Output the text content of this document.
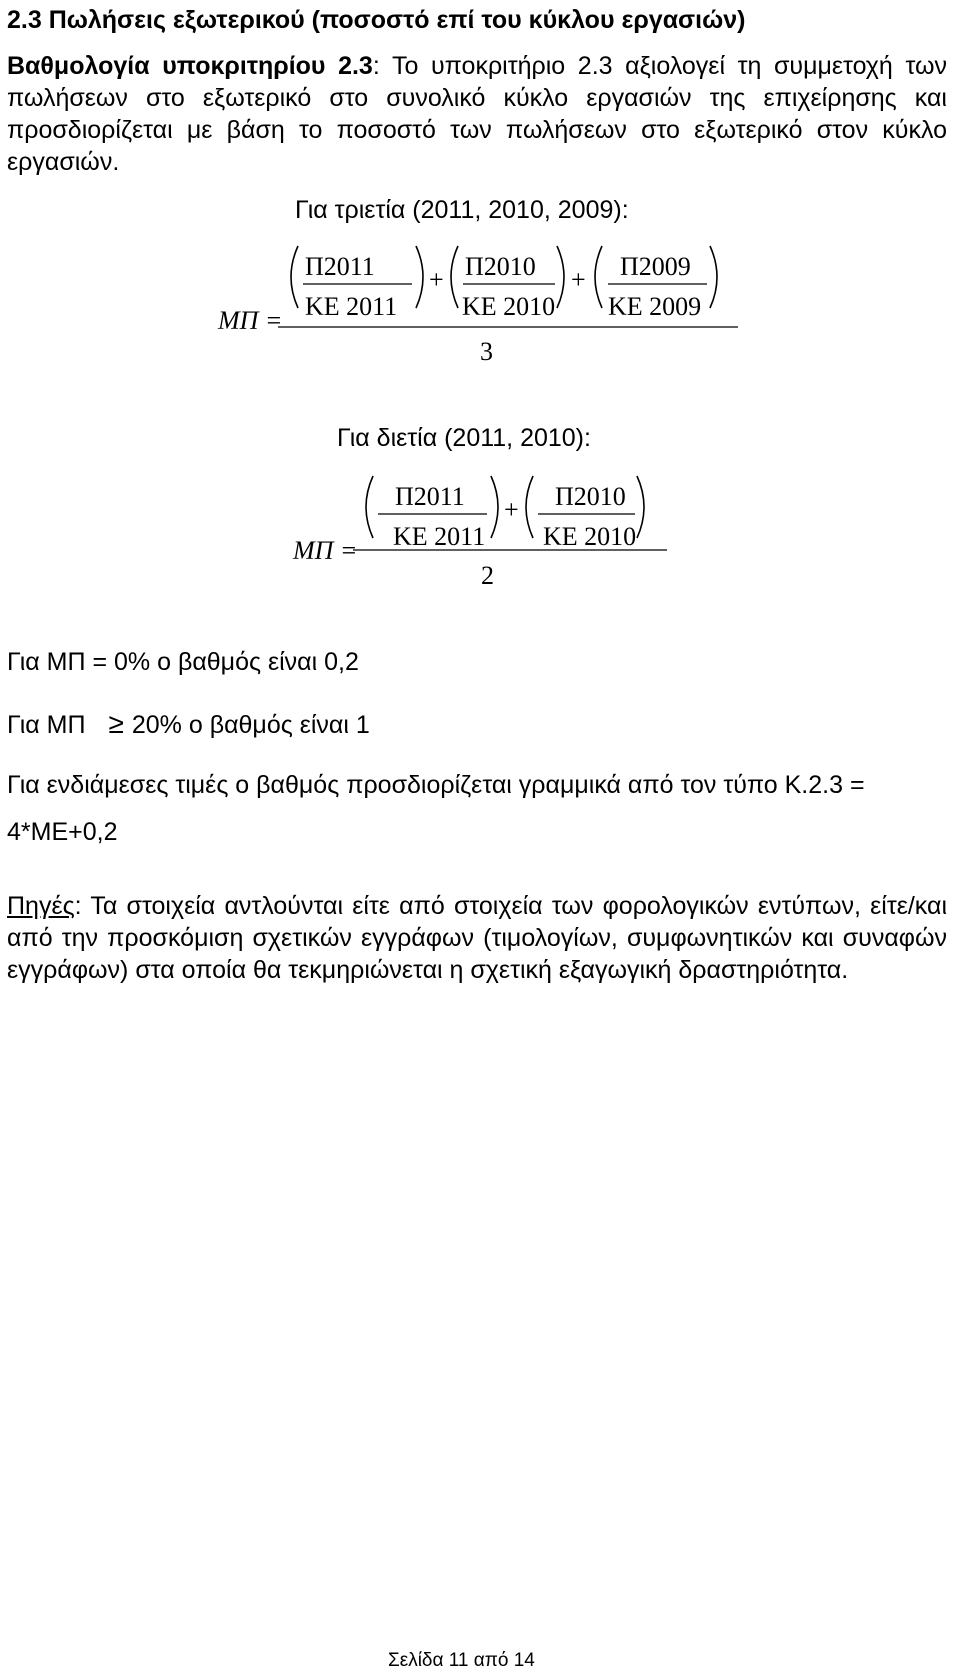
2.3 Πωλήσεις εξωτερικού (ποσοστό επί του κύκλου εργασιών)

Βαθμολογία υποκριτηρίου 2.3: Το υποκριτήριο 2.3 αξιολογεί τη συμμετοχή των πωλήσεων στο εξωτερικό στο συνολικό κύκλο εργασιών της επιχείρησης και προσδιορίζεται με βάση το ποσοστό των πωλήσεων στο εξωτερικό στον κύκλο εργασιών.

Για τριετία (2011, 2010, 2009):
ΜΠ =
Π2011
ΚΕ 2011
+ Π2010
ΚΕ 2010
+ Π2009
ΚΕ 2009
3
Για διετία (2011, 2010):
ΜΠ =
Π2011
ΚΕ 2011
+ Π2010
ΚΕ 2010
2
Για ΜΠ = 0% ο βαθμός είναι 0,2
Για ΜΠ ≥ 20% ο βαθμός είναι 1
Για ενδιάμεσες τιμές ο βαθμός προσδιορίζεται γραμμικά από τον τύπο Κ.2.3 =
4*ΜΕ+0,2

Πηγές: Τα στοιχεία αντλούνται είτε από στοιχεία των φορολογικών εντύπων, είτε/και από την προσκόμιση σχετικών εγγράφων (τιμολογίων, συμφωνητικών και συναφών εγγράφων) στα οποία θα τεκμηριώνεται η σχετική εξαγωγική δραστηριότητα.

Σελίδα 11 από 14
